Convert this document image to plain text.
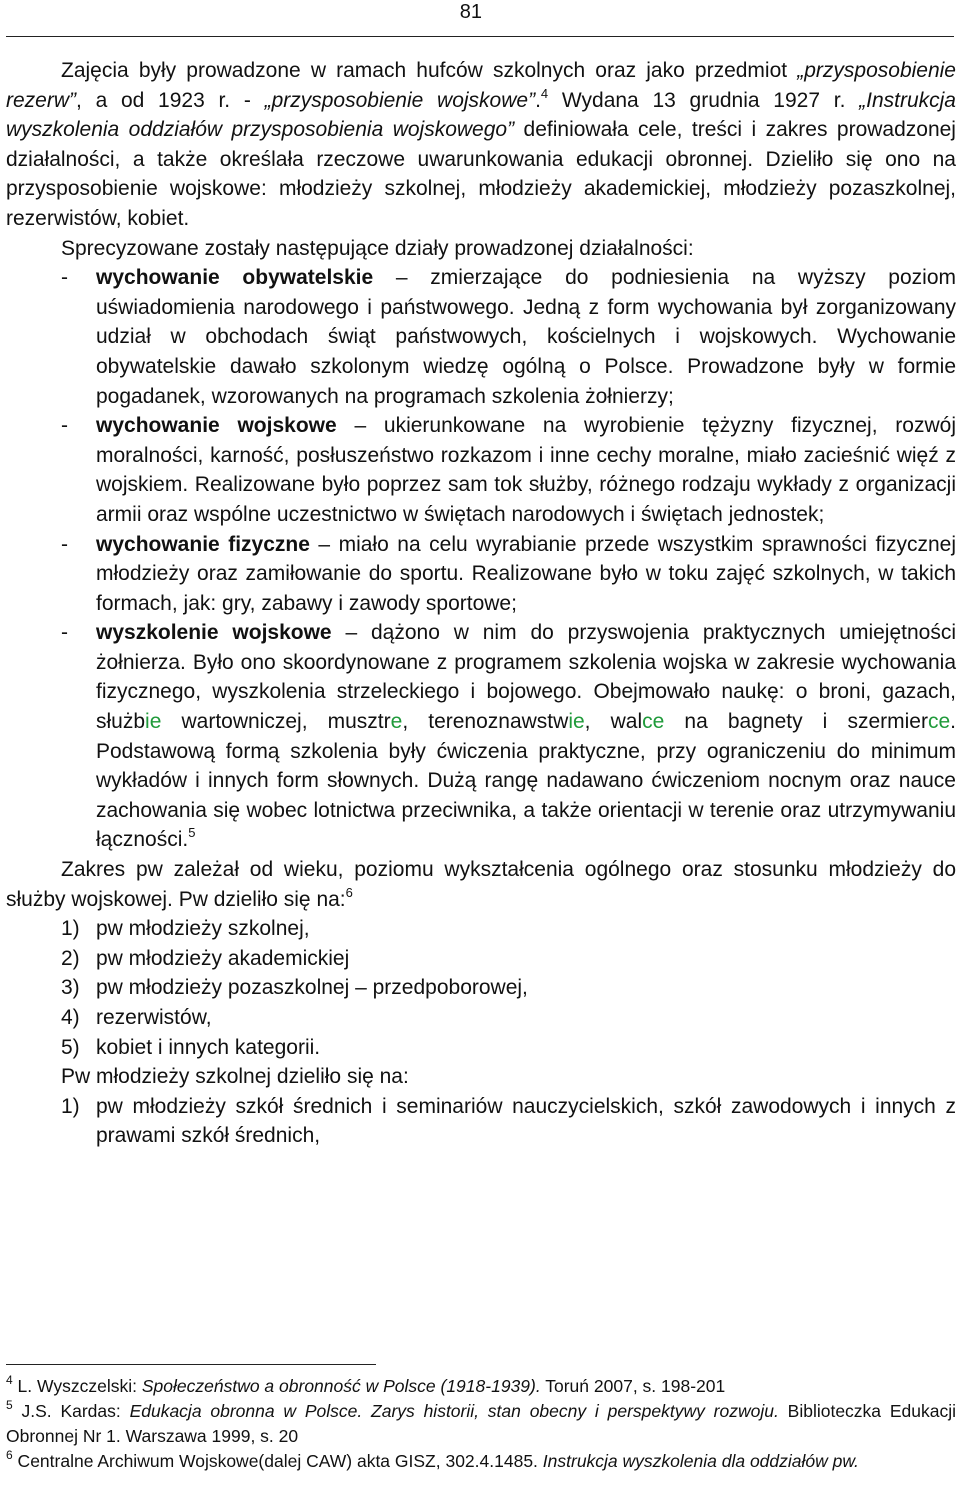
81

Zajęcia były prowadzone w ramach hufców szkolnych oraz jako przedmiot „przysposobienie rezerw”, a od 1923 r. - „przysposobienie wojskowe”.$^4$ Wydana 13 grudnia 1927 r. „Instrukcja wyszkolenia oddziałów przysposobienia wojskowego” definiowała cele, treści i zakres prowadzonej działalności, a także określała rzeczowe uwarunkowania edukacji obronnej. Dzieliło się ono na przysposobienie wojskowe: młodzieży szkolnej, młodzieży akademickiej, młodzieży pozaszkolnej, rezerwistów, kobiet.

Sprecyzowane zostały następujące działy prowadzonej działalności:

-	wychowanie obywatelskie – zmierzające do podniesienia na wyższy poziom uświadomienia narodowego i państwowego. Jedną z form wychowania był zorganizowany udział w obchodach świąt państwowych, kościelnych i wojskowych. Wychowanie obywatelskie dawało szkolonym wiedzę ogólną o Polsce. Prowadzone były w formie pogadanek, wzorowanych na programach szkolenia żołnierzy;
-	wychowanie wojskowe – ukierunkowane na wyrobienie tężyzny fizycznej, rozwój moralności, karność, posłuszeństwo rozkazom i inne cechy moralne, miało zacieśnić więź z wojskiem. Realizowane było poprzez sam tok służby, różnego rodzaju wykłady z organizacji armii oraz wspólne uczestnictwo w świętach narodowych i świętach jednostek;
-	wychowanie fizyczne – miało na celu wyrabianie przede wszystkim sprawności fizycznej młodzieży oraz zamiłowanie do sportu. Realizowane było w toku zajęć szkolnych, w takich formach, jak: gry, zabawy i zawody sportowe;
-	wyszkolenie wojskowe – dążono w nim do przyswojenia praktycznych umiejętności żołnierza. Było ono skoordynowane z programem szkolenia wojska w zakresie wychowania fizycznego, wyszkolenia strzeleckiego i bojowego. Obejmowało naukę: o broni, gazach, służbie wartowniczej, musztre, terenoznawstwie, walce na bagnety i szermierce. Podstawową formą szkolenia były ćwiczenia praktyczne, przy ograniczeniu do minimum wykładów i innych form słownych. Dużą rangę nadawano ćwiczeniom nocnym oraz nauce zachowania się wobec lotnictwa przeciwnika, a także orientacji w terenie oraz utrzymywaniu łączności.$^5$

Zakres pw zależał od wieku, poziomu wykształcenia ogólnego oraz stosunku młodzieży do służby wojskowej. Pw dzieliło się na:$^6$

1) pw młodzieży szkolnej,
2) pw młodzieży akademickiej
3) pw młodzieży pozaszkolnej – przedpoborowej,
4) rezerwistów,
5) kobiet i innych kategorii.

Pw młodzieży szkolnej dzieliło się na:

1) pw młodzieży szkół średnich i seminariów nauczycielskich, szkół zawodowych i innych z prawami szkół średnich,

$^4$ L. Wyszczelski: Społeczeństwo a obronność w Polsce (1918-1939). Toruń 2007, s. 198-201

$^5$ J.S. Kardas: Edukacja obronna w Polsce. Zarys historii, stan obecny i perspektywy rozwoju. Biblioteczka Edukacji Obronnej Nr 1. Warszawa 1999, s. 20

$^6$ Centralne Archiwum Wojskowe(dalej CAW) akta GISZ, 302.4.1485. Instrukcja wyszkolenia dla oddziałów pw.
